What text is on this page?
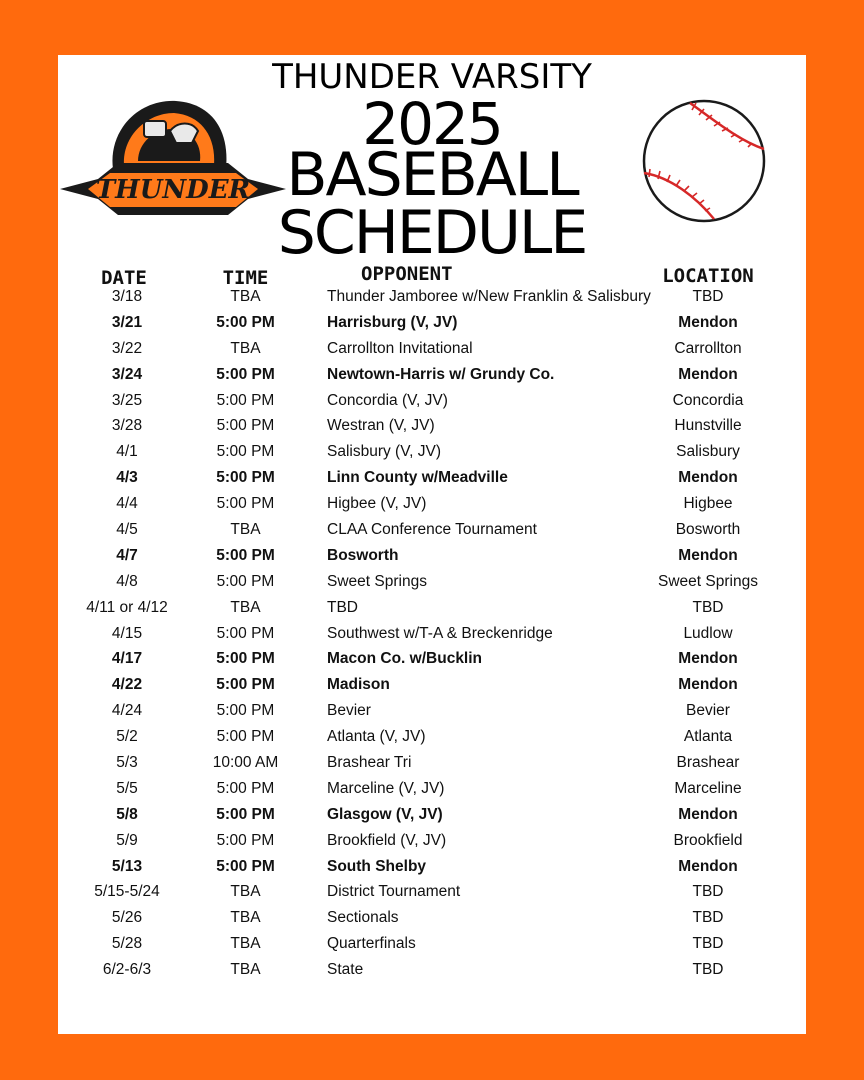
THUNDER
THUNDER VARSITY
2025
BASEBALL
SCHEDULE
DATE	TIME	OPPONENT	LOCATION
3/18	TBA	Thunder Jamboree w/New Franklin & Salisbury	TBD
3/21	5:00 PM	Harrisburg (V, JV)	Mendon
3/22	TBA	Carrollton Invitational	Carrollton
3/24	5:00 PM	Newtown-Harris w/ Grundy Co.	Mendon
3/25	5:00 PM	Concordia (V, JV)	Concordia
3/28	5:00 PM	Westran (V, JV)	Hunstville
4/1	5:00 PM	Salisbury (V, JV)	Salisbury
4/3	5:00 PM	Linn County w/Meadville	Mendon
4/4	5:00 PM	Higbee (V, JV)	Higbee
4/5	TBA	CLAA Conference Tournament	Bosworth
4/7	5:00 PM	Bosworth	Mendon
4/8	5:00 PM	Sweet Springs	Sweet Springs
4/11 or 4/12	TBA	TBD	TBD
4/15	5:00 PM	Southwest w/T-A & Breckenridge	Ludlow
4/17	5:00 PM	Macon Co. w/Bucklin	Mendon
4/22	5:00 PM	Madison	Mendon
4/24	5:00 PM	Bevier	Bevier
5/2	5:00 PM	Atlanta (V, JV)	Atlanta
5/3	10:00 AM	Brashear Tri	Brashear
5/5	5:00 PM	Marceline (V, JV)	Marceline
5/8	5:00 PM	Glasgow (V, JV)	Mendon
5/9	5:00 PM	Brookfield (V, JV)	Brookfield
5/13	5:00 PM	South Shelby	Mendon
5/15-5/24	TBA	District Tournament	TBD
5/26	TBA	Sectionals	TBD
5/28	TBA	Quarterfinals	TBD
6/2-6/3	TBA	State	TBD
